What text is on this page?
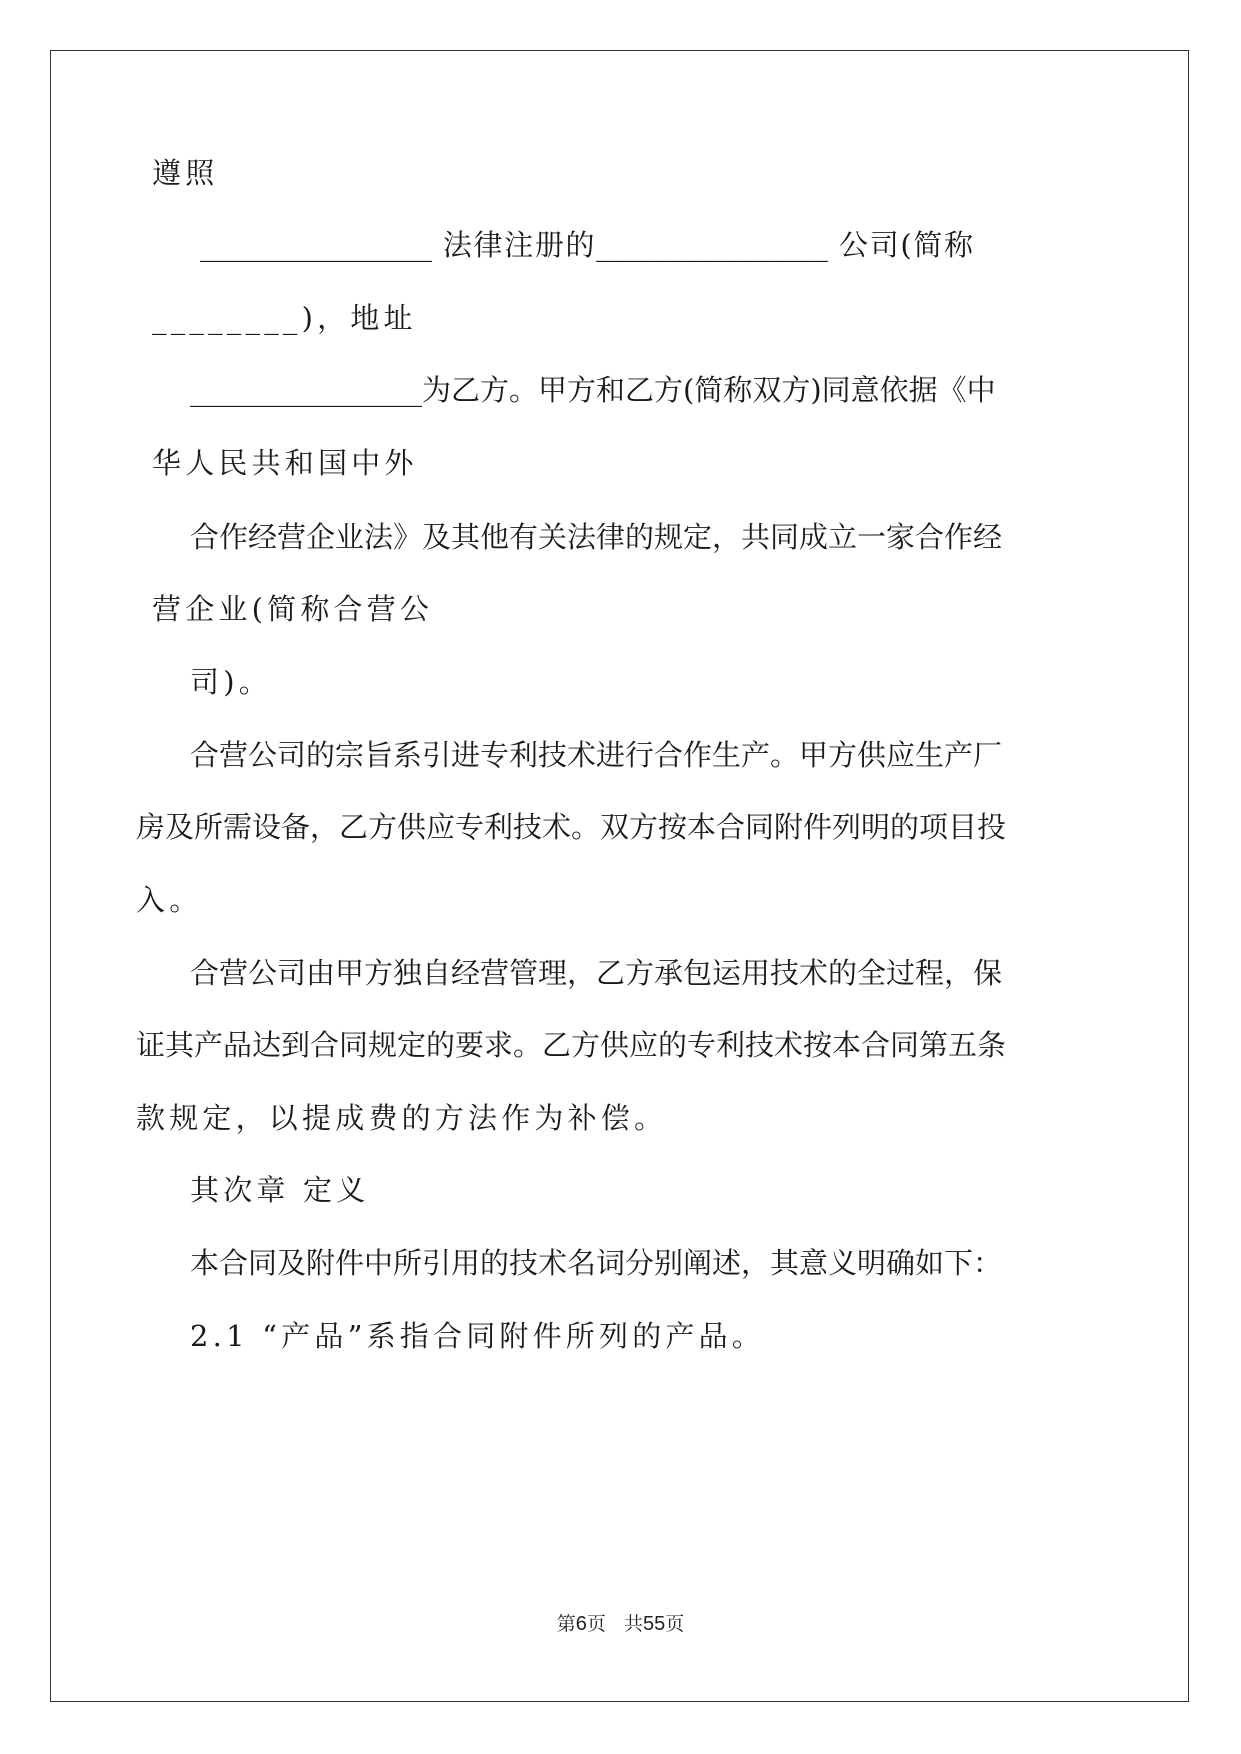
遵照
________________ 法律注册的________________ 公司(简称
________)，地址
________________为乙方。甲方和乙方(简称双方)同意依据《中
华人民共和国中外
合作经营企业法》及其他有关法律的规定，共同成立一家合作经
营企业(简称合营公
司)。
合营公司的宗旨系引进专利技术进行合作生产。甲方供应生产厂
房及所需设备，乙方供应专利技术。双方按本合同附件列明的项目投
入。
合营公司由甲方独自经营管理，乙方承包运用技术的全过程，保
证其产品达到合同规定的要求。乙方供应的专利技术按本合同第五条
款规定，以提成费的方法作为补偿。
其次章 定义
本合同及附件中所引用的技术名词分别阐述，其意义明确如下：
2.1 “产品”系指合同附件所列的产品。
第6页 共55页
